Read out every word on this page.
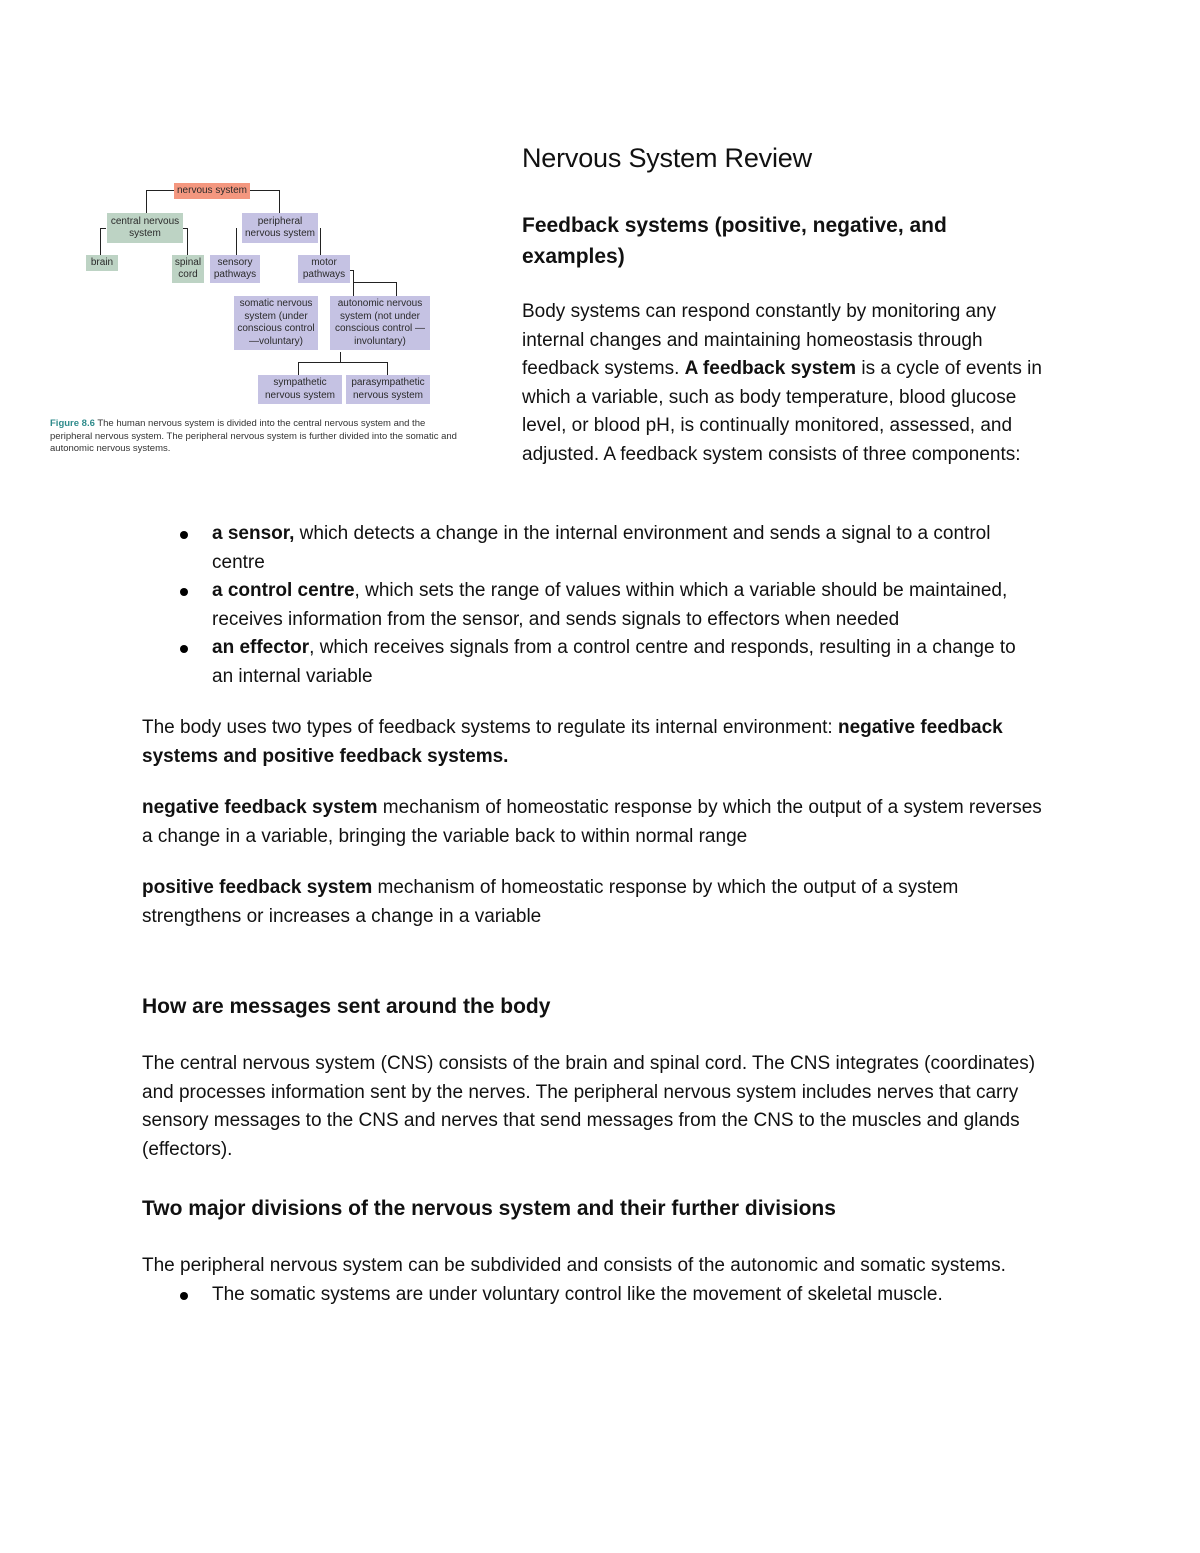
nervous system
central nervous system
peripheral nervous system
brain	spinal cord
sensory pathways
motor pathways
somatic nervous system (under conscious control —voluntary)
autonomic nervous system (not under conscious control —involuntary)
sympathetic nervous system
parasympathetic nervous system
Figure 8.6 The human nervous system is divided into the central nervous system and the peripheral nervous system. The peripheral nervous system is further divided into the somatic and autonomic nervous systems.
Nervous System Review
Feedback systems (positive, negative, and examples)
Body systems can respond constantly by monitoring any internal changes and maintaining homeostasis through feedback systems. A feedback system is a cycle of events in which a variable, such as body temperature, blood glucose level, or blood pH, is continually monitored, assessed, and adjusted. A feedback system consists of three components:
a sensor, which detects a change in the internal environment and sends a signal to a control centre
a control centre, which sets the range of values within which a variable should be maintained, receives information from the sensor, and sends signals to effectors when needed
an effector, which receives signals from a control centre and responds, resulting in a change to an internal variable
The body uses two types of feedback systems to regulate its internal environment: negative feedback systems and positive feedback systems.
negative feedback system mechanism of homeostatic response by which the output of a system reverses a change in a variable, bringing the variable back to within normal range
positive feedback system mechanism of homeostatic response by which the output of a system strengthens or increases a change in a variable
How are messages sent around the body
The central nervous system (CNS) consists of the brain and spinal cord. The CNS integrates (coordinates) and processes information sent by the nerves. The peripheral nervous system includes nerves that carry sensory messages to the CNS and nerves that send messages from the CNS to the muscles and glands (effectors).
Two major divisions of the nervous system and their further divisions
The peripheral nervous system can be subdivided and consists of the autonomic and somatic systems.
The somatic systems are under voluntary control like the movement of skeletal muscle.
